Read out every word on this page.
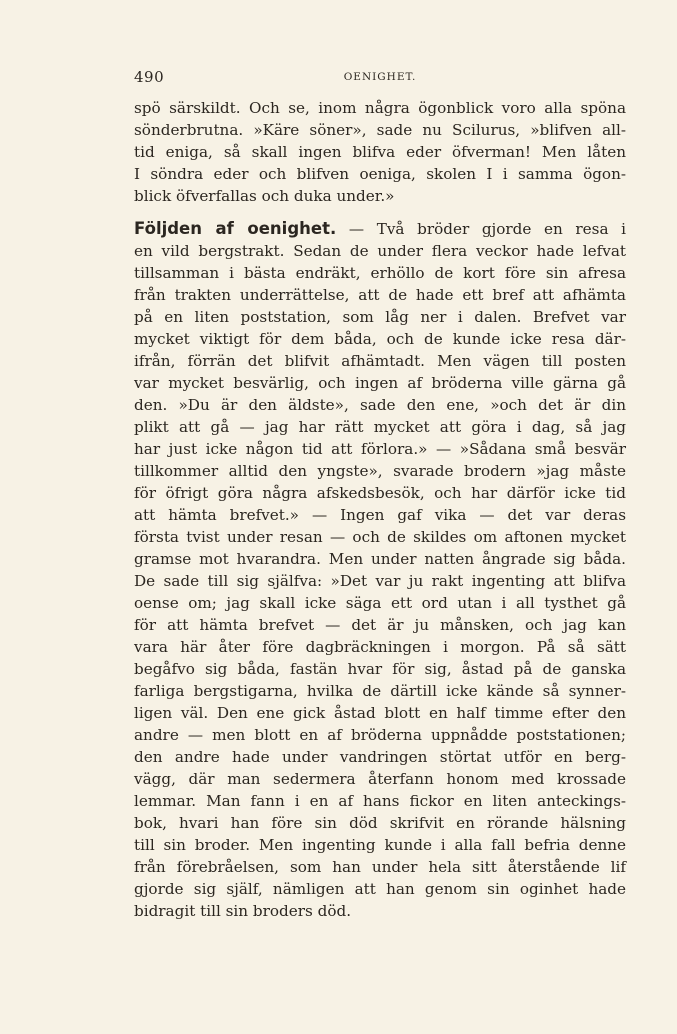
490	OENIGHET.
spö särskildt. Och se, inom några ögonblick voro alla spöna
sönderbrutna. »Käre söner», sade nu Scilurus, »blifven all-
tid eniga, så skall ingen blifva eder öfverman! Men låten
I söndra eder och blifven oeniga, skolen I i samma ögon-
blick öfverfallas och duka under.»
Följden af oenighet. — Två bröder gjorde en resa i
en vild bergstrakt. Sedan de under flera veckor hade lefvat
tillsamman i bästa endräkt, erhöllo de kort före sin afresa
från trakten underrättelse, att de hade ett bref att afhämta
på en liten poststation, som låg ner i dalen. Brefvet var
mycket viktigt för dem båda, och de kunde icke resa där-
ifrån, förrän det blifvit afhämtadt. Men vägen till posten
var mycket besvärlig, och ingen af bröderna ville gärna gå
den. »Du är den äldste», sade den ene, »och det är din
plikt att gå — jag har rätt mycket att göra i dag, så jag
har just icke någon tid att förlora.» — »Sådana små besvär
tillkommer alltid den yngste», svarade brodern »jag måste
för öfrigt göra några afskedsbesök, och har därför icke tid
att hämta brefvet.» — Ingen gaf vika — det var deras
första tvist under resan — och de skildes om aftonen mycket
gramse mot hvarandra. Men under natten ångrade sig båda.
De sade till sig själfva: »Det var ju rakt ingenting att blifva
oense om; jag skall icke säga ett ord utan i all tysthet gå
för att hämta brefvet — det är ju månsken, och jag kan
vara här åter före dagbräckningen i morgon. På så sätt
begåfvo sig båda, fastän hvar för sig, åstad på de ganska
farliga bergstigarna, hvilka de därtill icke kände så synner-
ligen väl. Den ene gick åstad blott en half timme efter den
andre — men blott en af bröderna uppnådde poststationen;
den andre hade under vandringen störtat utför en berg-
vägg, där man sedermera återfann honom med krossade
lemmar. Man fann i en af hans fickor en liten anteckings-
bok, hvari han före sin död skrifvit en rörande hälsning
till sin broder. Men ingenting kunde i alla fall befria denne
från förebråelsen, som han under hela sitt återstående lif
gjorde sig själf, nämligen att han genom sin oginhet hade
bidragit till sin broders död.
